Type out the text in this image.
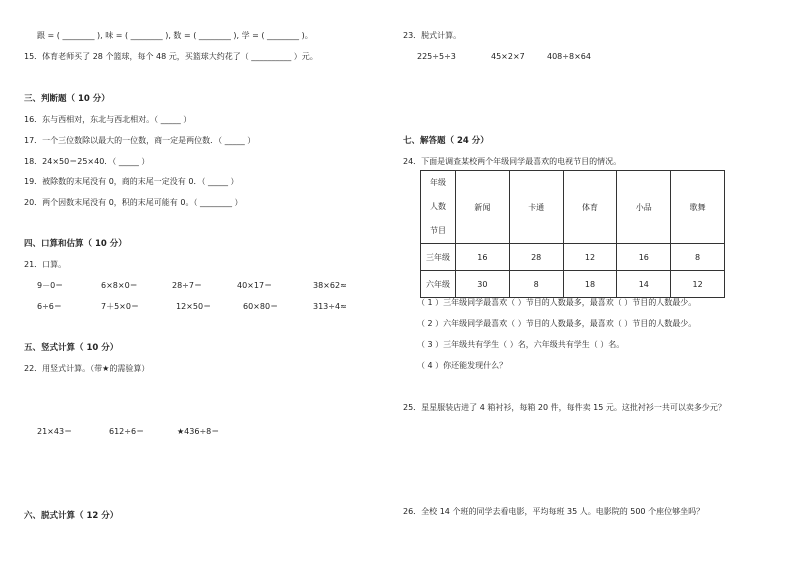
跟 = ( ________ ), 味 = ( ________ ), 数 = ( ________ ), 学 = ( ________ )。
15．体育老师买了 28 个篮球，每个 48 元，买篮球大约花了（ __________ ）元。
三、判断题（ 10 分）
16．东与西相对，东北与西北相对。（ _____ ）
17．一个三位数除以最大的一位数，商一定是两位数．（ _____ ）
18．24×50＝25×40．（ _____ ）
19．被除数的末尾没有 0，商的末尾一定没有 0．（ _____ ）
20．两个因数末尾没有 0，积的末尾可能有 0。（ ________ ）
四、口算和估算（ 10 分）
21．口算。
9－0＝	6×8×0＝	28÷7＝	40×17＝	38×62≈
6÷6＝	7＋5×0＝	12×50＝	60×80＝	313÷4≈
五、竖式计算（ 10 分）
22．用竖式计算。（带★的需验算）
21×43＝	612÷6＝	★436÷8＝
六、脱式计算（ 12 分）
23．脱式计算。
225÷5÷3	45×2×7	408÷8×64
七、解答题（ 24 分）
24．下面是调查某校两个年级同学最喜欢的电视节目的情况。
年级
人数
节目	新闻	卡通	体育	小品	歌舞
三年级	16	28	12	16	8
六年级	30	8	18	14	12
（ 1 ）三年级同学最喜欢（ ）节目的人数最多，最喜欢（ ）节目的人数最少。
（ 2 ）六年级同学最喜欢（ ）节目的人数最多，最喜欢（ ）节目的人数最少。
（ 3 ）三年级共有学生（ ）名，六年级共有学生（ ）名。
（ 4 ）你还能发现什么？
25．星星服装店进了 4 箱衬衫，每箱 20 件，每件卖 15 元。这批衬衫一共可以卖多少元？
26．全校 14 个班的同学去看电影，平均每班 35 人。电影院的 500 个座位够坐吗？
